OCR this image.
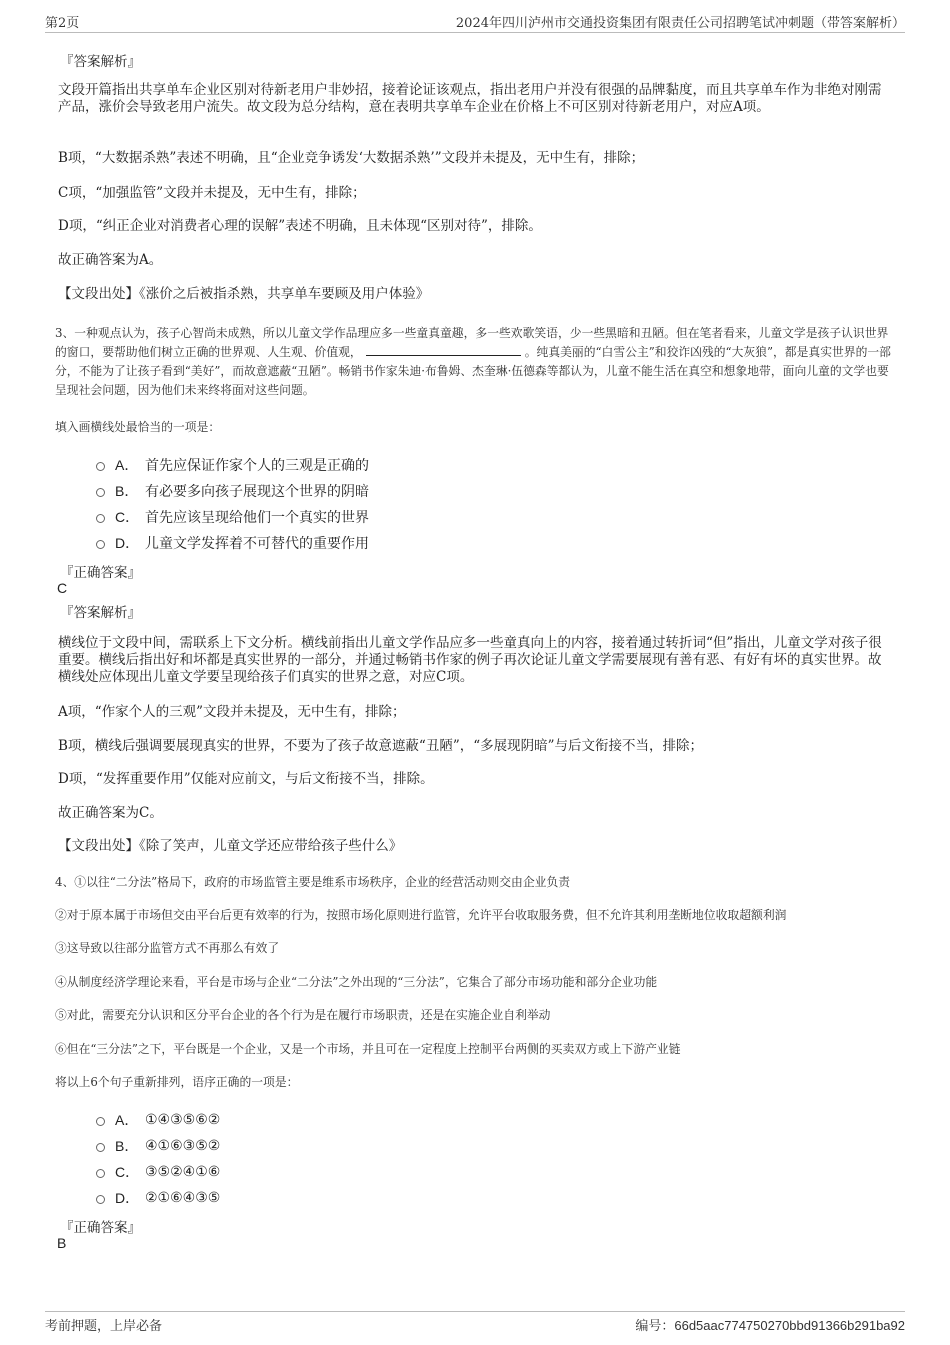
第2页	2024年四川泸州市交通投资集团有限责任公司招聘笔试冲刺题（带答案解析）
『答案解析』
文段开篇指出共享单车企业区别对待新老用户非妙招，接着论证该观点，指出老用户并没有很强的品牌黏度，而且共享单车作为非绝对刚需产品，涨价会导致老用户流失。故文段为总分结构，意在表明共享单车企业在价格上不可区别对待新老用户，对应A项。
B项，“大数据杀熟”表述不明确，且“企业竞争诱发‘大数据杀熟’”文段并未提及，无中生有，排除；
C项，“加强监管”文段并未提及，无中生有，排除；
D项，“纠正企业对消费者心理的误解”表述不明确，且未体现“区别对待”，排除。
故正确答案为A。
【文段出处】《涨价之后被指杀熟，共享单车要顾及用户体验》
3、一种观点认为，孩子心智尚未成熟，所以儿童文学作品理应多一些童真童趣，多一些欢歌笑语，少一些黑暗和丑陋。但在笔者看来，儿童文学是孩子认识世界的窗口，要帮助他们树立正确的世界观、人生观、价值观，	。纯真美丽的“白雪公主”和狡诈凶残的“大灰狼”，都是真实世界的一部分，不能为了让孩子看到“美好”，而故意遮蔽“丑陋”。畅销书作家朱迪·布鲁姆、杰奎琳·伍德森等都认为，儿童不能生活在真空和想象地带，面向儿童的文学也要呈现社会问题，因为他们未来终将面对这些问题。
填入画横线处最恰当的一项是：
A． 首先应保证作家个人的三观是正确的
B． 有必要多向孩子展现这个世界的阴暗
C． 首先应该呈现给他们一个真实的世界
D． 儿童文学发挥着不可替代的重要作用
『正确答案』
C
『答案解析』
横线位于文段中间，需联系上下文分析。横线前指出儿童文学作品应多一些童真向上的内容，接着通过转折词“但”指出，儿童文学对孩子很重要。横线后指出好和坏都是真实世界的一部分，并通过畅销书作家的例子再次论证儿童文学需要展现有善有恶、有好有坏的真实世界。故横线处应体现出儿童文学要呈现给孩子们真实的世界之意，对应C项。
A项，“作家个人的三观”文段并未提及，无中生有，排除；
B项，横线后强调要展现真实的世界，不要为了孩子故意遮蔽“丑陋”，“多展现阴暗”与后文衔接不当，排除；
D项，“发挥重要作用”仅能对应前文，与后文衔接不当，排除。
故正确答案为C。
【文段出处】《除了笑声，儿童文学还应带给孩子些什么》
4、①以往“二分法”格局下，政府的市场监管主要是维系市场秩序，企业的经营活动则交由企业负责
②对于原本属于市场但交由平台后更有效率的行为，按照市场化原则进行监管，允许平台收取服务费，但不允许其利用垄断地位收取超额利润
③这导致以往部分监管方式不再那么有效了
④从制度经济学理论来看，平台是市场与企业“二分法”之外出现的“三分法”，它集合了部分市场功能和部分企业功能
⑤对此，需要充分认识和区分平台企业的各个行为是在履行市场职责，还是在实施企业自利举动
⑥但在“三分法”之下，平台既是一个企业，又是一个市场，并且可在一定程度上控制平台两侧的买卖双方或上下游产业链
将以上6个句子重新排列，语序正确的一项是：
A． ①④③⑤⑥②
B． ④①⑥③⑤②
C． ③⑤②④①⑥
D． ②①⑥④③⑤
『正确答案』
B
考前押题，上岸必备	编号：66d5aac774750270bbd91366b291ba92
